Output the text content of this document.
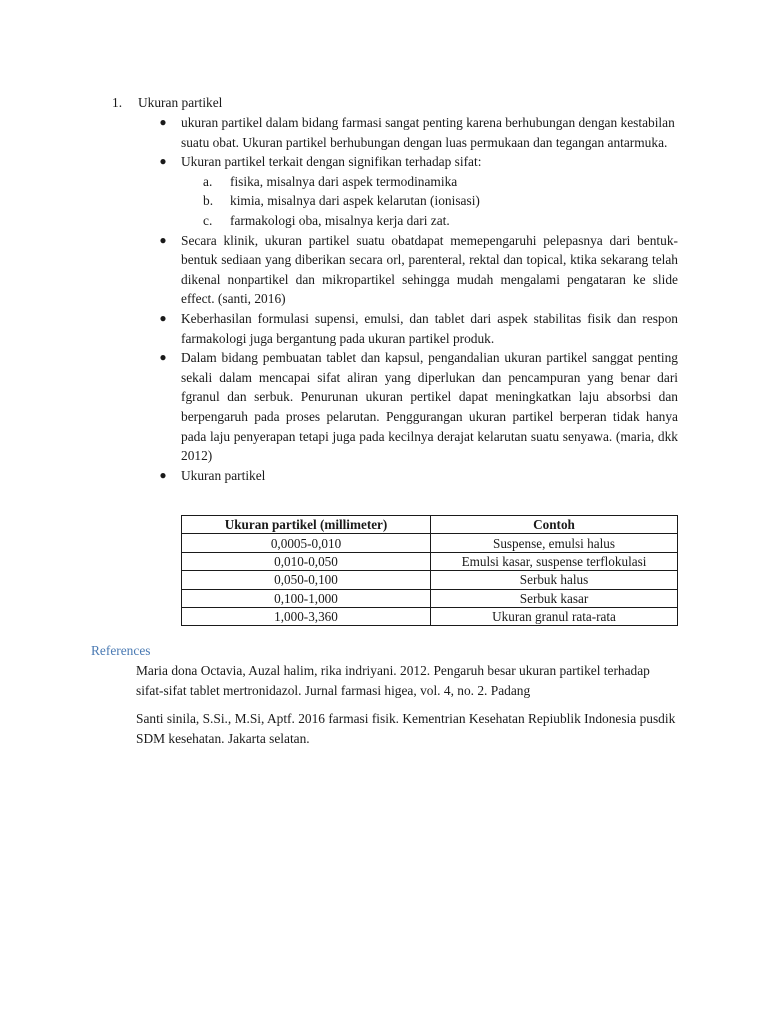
1. Ukuran partikel
● ukuran partikel dalam bidang farmasi sangat penting karena berhubungan dengan kestabilan suatu obat. Ukuran partikel berhubungan dengan luas permukaan dan tegangan antarmuka.

● Ukuran partikel terkait dengan signifikan terhadap sifat:

a. fisika, misalnya dari aspek termodinamika
b. kimia, misalnya dari aspek kelarutan (ionisasi)
c. farmakologi oba, misalnya kerja dari zat.
● Secara klinik, ukuran partikel suatu obatdapat memepengaruhi pelepasnya dari bentuk-bentuk sediaan yang diberikan secara orl, parenteral, rektal dan topical, ktika sekarang telah dikenal nonpartikel dan mikropartikel sehingga mudah mengalami pengataran ke slide effect. (santi, 2016)

● Keberhasilan formulasi supensi, emulsi, dan tablet dari aspek stabilitas fisik dan respon farmakologi juga bergantung pada ukuran partikel produk.

● Dalam bidang pembuatan tablet dan kapsul, pengandalian ukuran partikel sanggat penting sekali dalam mencapai sifat aliran yang diperlukan dan pencampuran yang benar dari fgranul dan serbuk. Penurunan ukuran pertikel dapat meningkatkan laju absorbsi dan berpengaruh pada proses pelarutan. Penggurangan ukuran partikel berperan tidak hanya pada laju penyerapan tetapi juga pada kecilnya derajat kelarutan suatu senyawa. (maria, dkk 2012)

● Ukuran partikel

Ukuran partikel (millimeter)	Contoh
0,0005-0,010	Suspense, emulsi halus
0,010-0,050	Emulsi kasar, suspense terflokulasi
0,050-0,100	Serbuk halus
0,100-1,000	Serbuk kasar
1,000-3,360	Ukuran granul rata-rata
References
Maria dona Octavia, Auzal halim, rika indriyani. 2012. Pengaruh besar ukuran partikel terhadap sifat-sifat tablet mertronidazol. Jurnal farmasi higea, vol. 4, no. 2. Padang
Santi sinila, S.Si., M.Si, Aptf. 2016 farmasi fisik. Kementrian Kesehatan Repiublik Indonesia pusdik SDM kesehatan. Jakarta selatan.
